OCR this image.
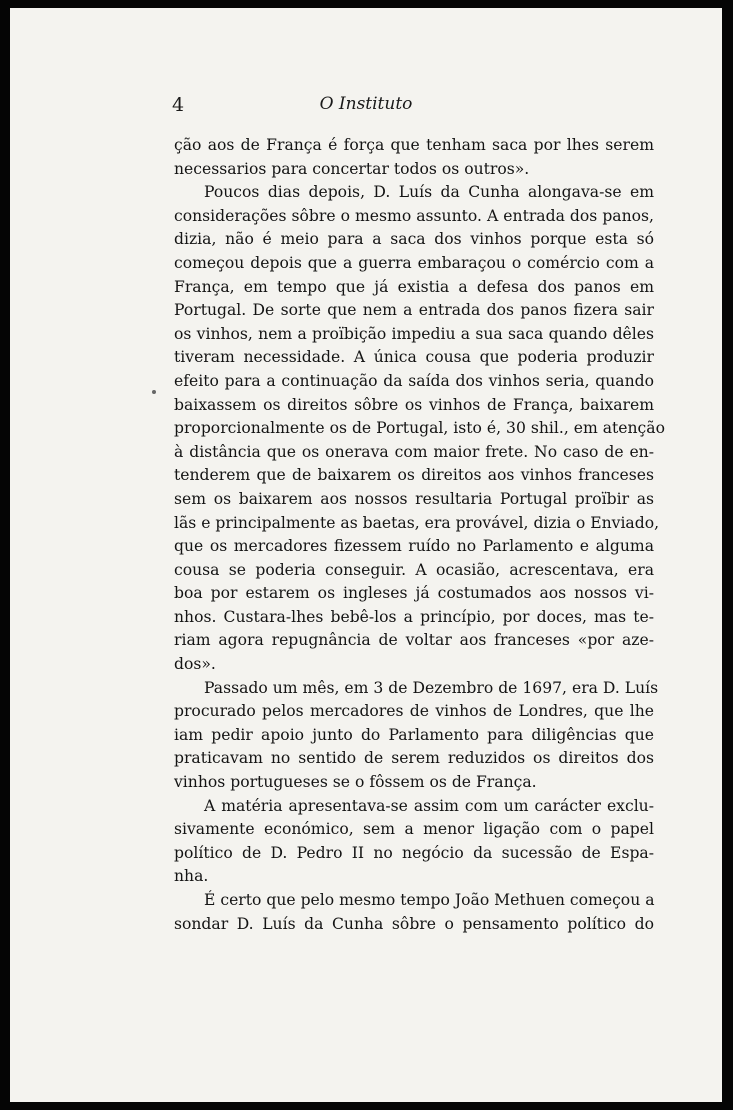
4	O Instituto
ção aos de França é força que tenham saca por lhes serem
necessarios para concertar todos os outros».
Poucos dias depois, D. Luís da Cunha alongava-se em
considerações sôbre o mesmo assunto. A entrada dos panos,
dizia, não é meio para a saca dos vinhos porque esta só
começou depois que a guerra embaraçou o comércio com a
França, em tempo que já existia a defesa dos panos em
Portugal. De sorte que nem a entrada dos panos fizera sair
os vinhos, nem a proïbição impediu a sua saca quando dêles
tiveram necessidade. A única cousa que poderia produzir
efeito para a continuação da saída dos vinhos seria, quando
baixassem os direitos sôbre os vinhos de França, baixarem
proporcionalmente os de Portugal, isto é, 30 shil., em atenção
à distância que os onerava com maior frete. No caso de en-
tenderem que de baixarem os direitos aos vinhos franceses
sem os baixarem aos nossos resultaria Portugal proïbir as
lãs e principalmente as baetas, era provável, dizia o Enviado,
que os mercadores fizessem ruído no Parlamento e alguma
cousa se poderia conseguir. A ocasião, acrescentava, era
boa por estarem os ingleses já costumados aos nossos vi-
nhos. Custara-lhes bebê-los a princípio, por doces, mas te-
riam agora repugnância de voltar aos franceses «por aze-
dos».
Passado um mês, em 3 de Dezembro de 1697, era D. Luís
procurado pelos mercadores de vinhos de Londres, que lhe
iam pedir apoio junto do Parlamento para diligências que
praticavam no sentido de serem reduzidos os direitos dos
vinhos portugueses se o fôssem os de França.
A matéria apresentava-se assim com um carácter exclu-
sivamente económico, sem a menor ligação com o papel
político de D. Pedro II no negócio da sucessão de Espa-
nha.
É certo que pelo mesmo tempo João Methuen começou a
sondar D. Luís da Cunha sôbre o pensamento político do
